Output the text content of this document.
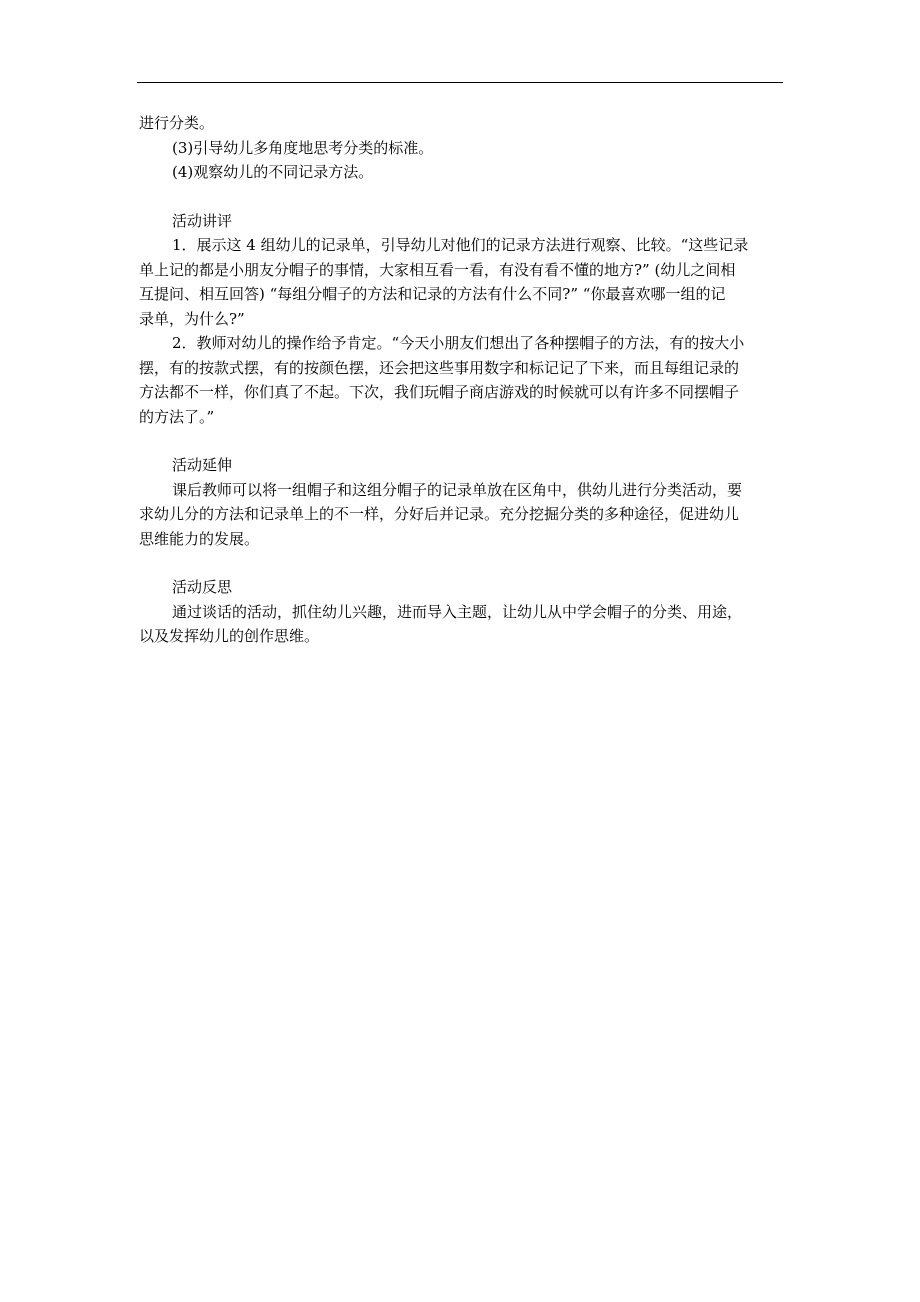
进行分类。

(3)引导幼儿多角度地思考分类的标准。

(4)观察幼儿的不同记录方法。

活动讲评

1．展示这 4 组幼儿的记录单，引导幼儿对他们的记录方法进行观察、比较。“这些记录

单上记的都是小朋友分帽子的事情，大家相互看一看，有没有看不懂的地方?” (幼儿之间相

互提问、相互回答) “每组分帽子的方法和记录的方法有什么不同?” “你最喜欢哪一组的记

录单，为什么?”

2．教师对幼儿的操作给予肯定。“今天小朋友们想出了各种摆帽子的方法，有的按大小

摆，有的按款式摆，有的按颜色摆，还会把这些事用数字和标记记了下来，而且每组记录的

方法都不一样，你们真了不起。下次，我们玩帽子商店游戏的时候就可以有许多不同摆帽子

的方法了。”

活动延伸

课后教师可以将一组帽子和这组分帽子的记录单放在区角中，供幼儿进行分类活动，要

求幼儿分的方法和记录单上的不一样，分好后并记录。充分挖掘分类的多种途径，促进幼儿

思维能力的发展。

活动反思

通过谈话的活动，抓住幼儿兴趣，进而导入主题，让幼儿从中学会帽子的分类、用途，

以及发挥幼儿的创作思维。
